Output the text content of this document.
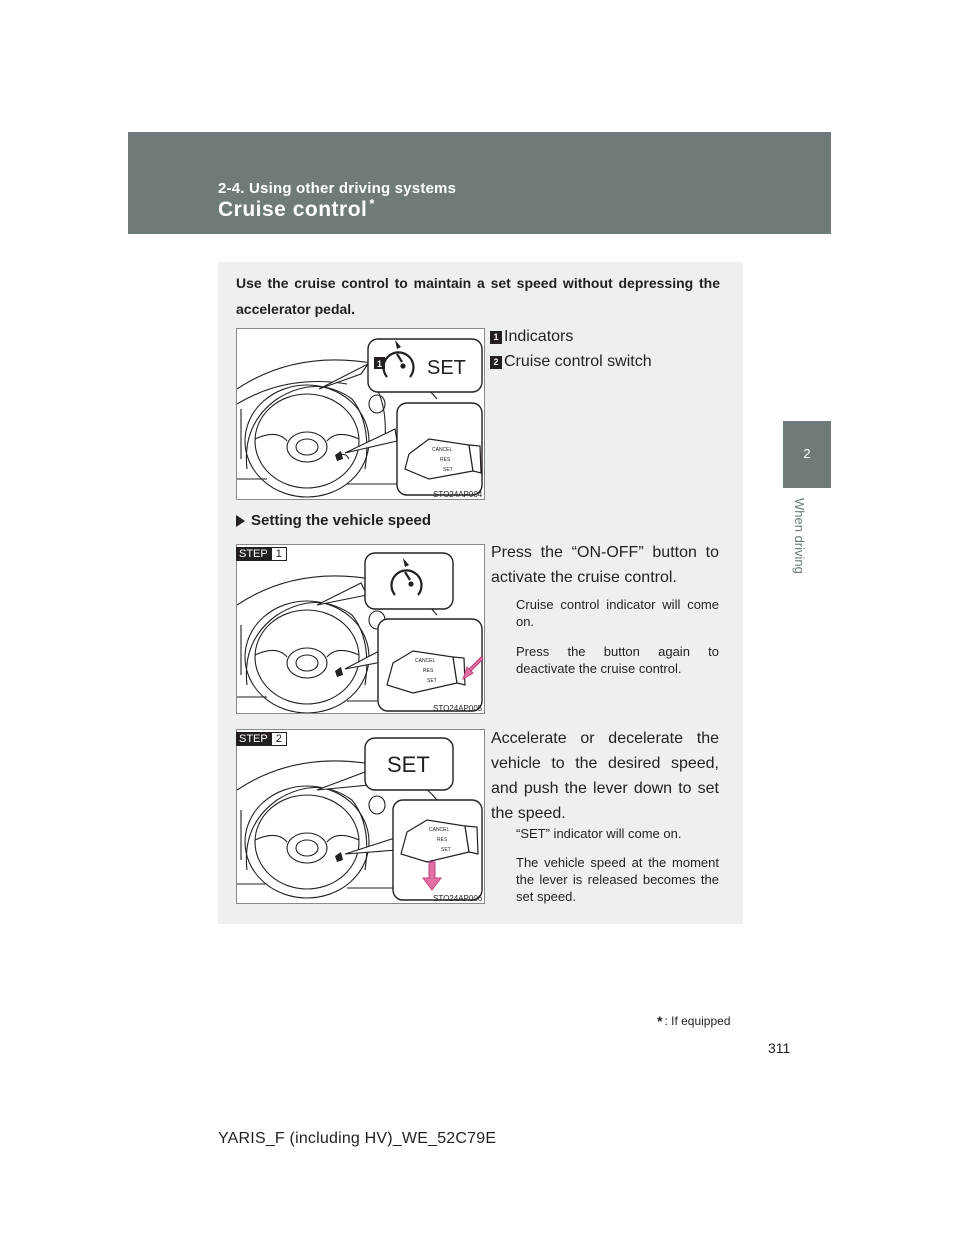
2-4. Using other driving systems
Cruise control *
2
When driving
Use the cruise control to maintain a set speed without depressing the accelerator pedal.
SET
1
CANCEL
RES
SET
STO24AP004
1 Indicators
2 Cruise control switch
Setting the vehicle speed
CANCEL
RES
SET
STO24AP005
STEP 1	Press the “ON-OFF” button to activate the cruise control.
Cruise control indicator will come on.
Press the button again to deactivate the cruise control.
SET
CANCEL
RES
SET
STO24AP006
STEP 2	Accelerate or decelerate the vehicle to the desired speed, and push the lever down to set the speed.
“SET” indicator will come on.
The vehicle speed at the moment the lever is released becomes the set speed.
* : If equipped
311
YARIS_F (including HV)_WE_52C79E
